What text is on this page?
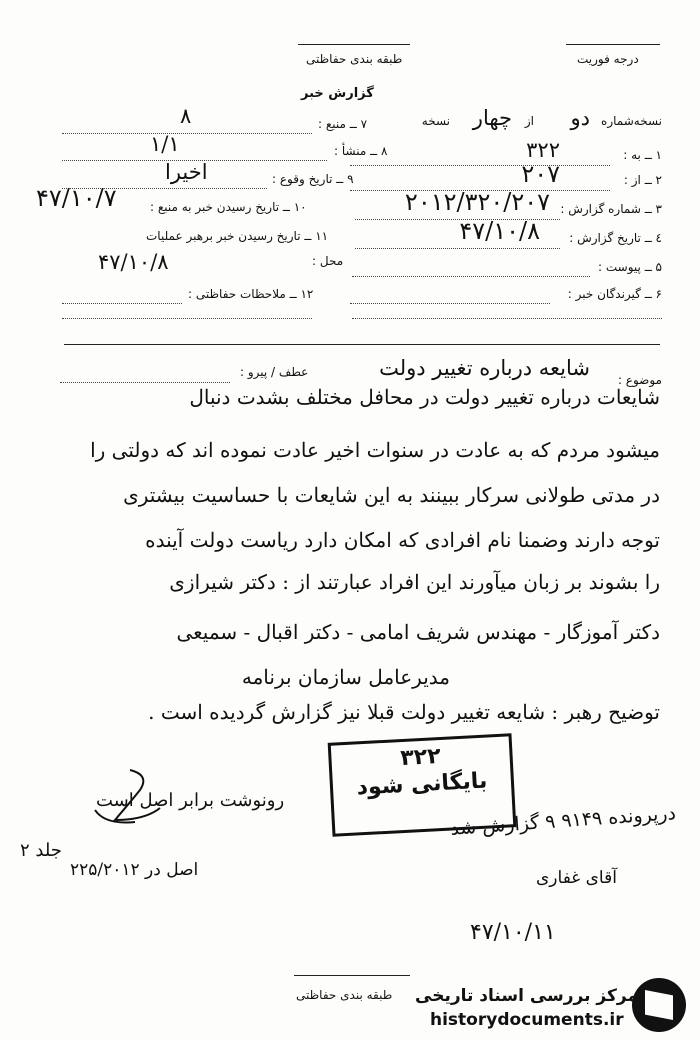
طبقه بندی حفاظتی	درجه فوریت
گزارش خبر
نسخه‌شماره
دو
از
چهار
نسخه
۱ ــ به :
۳۲۲
۲ ــ از :
۲۰۷
۳ ــ شماره گزارش :
۲۰۱۲/۳۲۰/۲۰۷
٤ ــ تاریخ گزارش :
۴۷/۱۰/۸
۵ ــ پیوست :
۶ ــ گیرندگان خبر :
۷ ــ منبع :
۸
۸ ــ منشأ :
۱/۱
۹ ــ تاریخ وقوع :
اخیرا
۱۰ ــ تاریخ رسیدن خبر به منبع :
۴۷/۱۰/۷
۱۱ ــ تاریخ رسیدن خبر برهبر عملیات
محل :
۴۷/۱۰/۸
۱۲ ــ ملاحظات حفاظتی :
موضوع :
شایعه درباره تغییر دولت
عطف / پیرو :
شایعات درباره تغییر دولت در محافل مختلف بشدت دنبال
میشود مردم که به عادت در سنوات اخیر عادت نموده اند که دولتی را
در مدتی طولانی سرکار ببینند به این شایعات با حساسیت بیشتری
توجه دارند وضمنا نام افرادی که امکان دارد ریاست دولت آینده
را بشوند بر زبان میآورند این افراد عبارتند از : دکتر شیرازی
دکتر آموزگار - مهندس شریف امامی - دکتر اقبال - سمیعی
مدیرعامل سازمان برنامه
توضیح رهبر : شایعه تغییر دولت قبلا نیز گزارش گردیده است .
۳۲۲
بایگانی شود
رونوشت برابر اصل است
درپرونده ۹۱۴۹ ۹ گزارش شد
آقای غفاری
۴۷/۱۰/۱۱
اصل در ۲۲۵/۲۰۱۲
جلد ۲
طبقه بندی حفاظتی مرکز بررسی اسناد تاریخی
historydocuments.ir
